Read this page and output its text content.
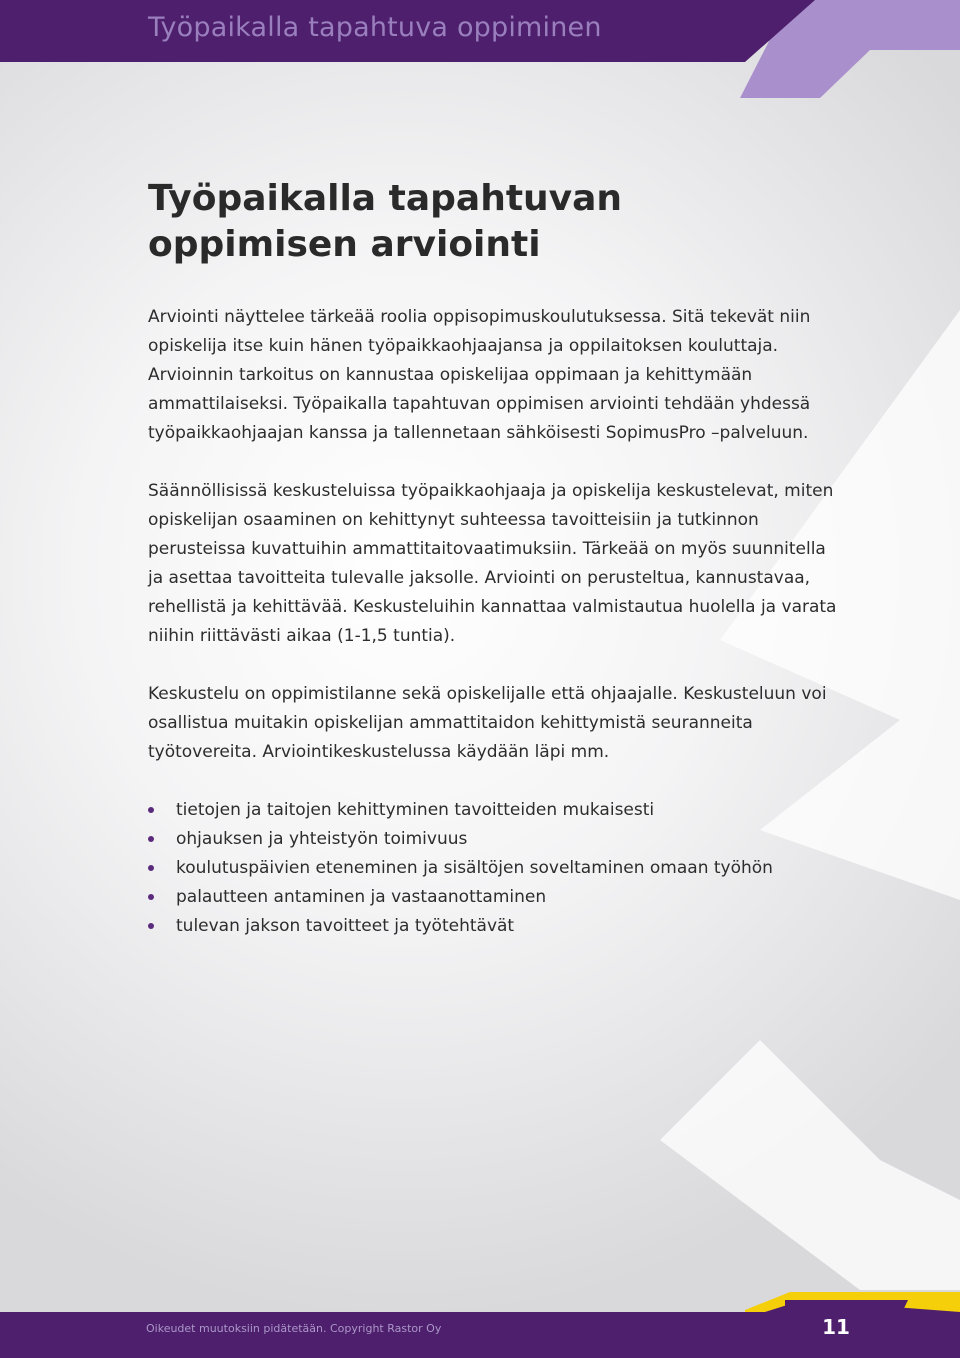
Työpaikalla tapahtuva oppiminen
Työpaikalla tapahtuvan oppimisen arviointi

Arviointi näyttelee tärkeää roolia oppisopimuskoulutuksessa. Sitä tekevät niin opiskelija itse kuin hänen työpaikkaohjaajansa ja oppilaitoksen kouluttaja. Arvioinnin tarkoitus on kannustaa opiskelijaa oppimaan ja kehittymään ammattilaiseksi. Työpaikalla tapahtuvan oppimisen arviointi tehdään yhdessä työpaikkaohjaajan kanssa ja tallennetaan sähköisesti SopimusPro –palveluun.

Säännöllisissä keskusteluissa työpaikkaohjaaja ja opiskelija keskustelevat, miten opiskelijan osaaminen on kehittynyt suhteessa tavoitteisiin ja tutkinnon perusteissa kuvattuihin ammattitaitovaatimuksiin. Tärkeää on myös suunnitella ja asettaa tavoitteita tulevalle jaksolle. Arviointi on perusteltua, kannustavaa, rehellistä ja kehittävää. Keskusteluihin kannattaa valmistautua huolella ja varata niihin riittävästi aikaa (1-1,5 tuntia).

Keskustelu on oppimistilanne sekä opiskelijalle että ohjaajalle. Keskusteluun voi osallistua muitakin opiskelijan ammattitaidon kehittymistä seuranneita työtovereita. Arviointikeskustelussa käydään läpi mm.

tietojen ja taitojen kehittyminen tavoitteiden mukaisesti
ohjauksen ja yhteistyön toimivuus
koulutuspäivien eteneminen ja sisältöjen soveltaminen omaan työhön
palautteen antaminen ja vastaanottaminen
tulevan jakson tavoitteet ja työtehtävät

Oikeudet muutoksiin pidätetään. Copyright Rastor Oy	11
